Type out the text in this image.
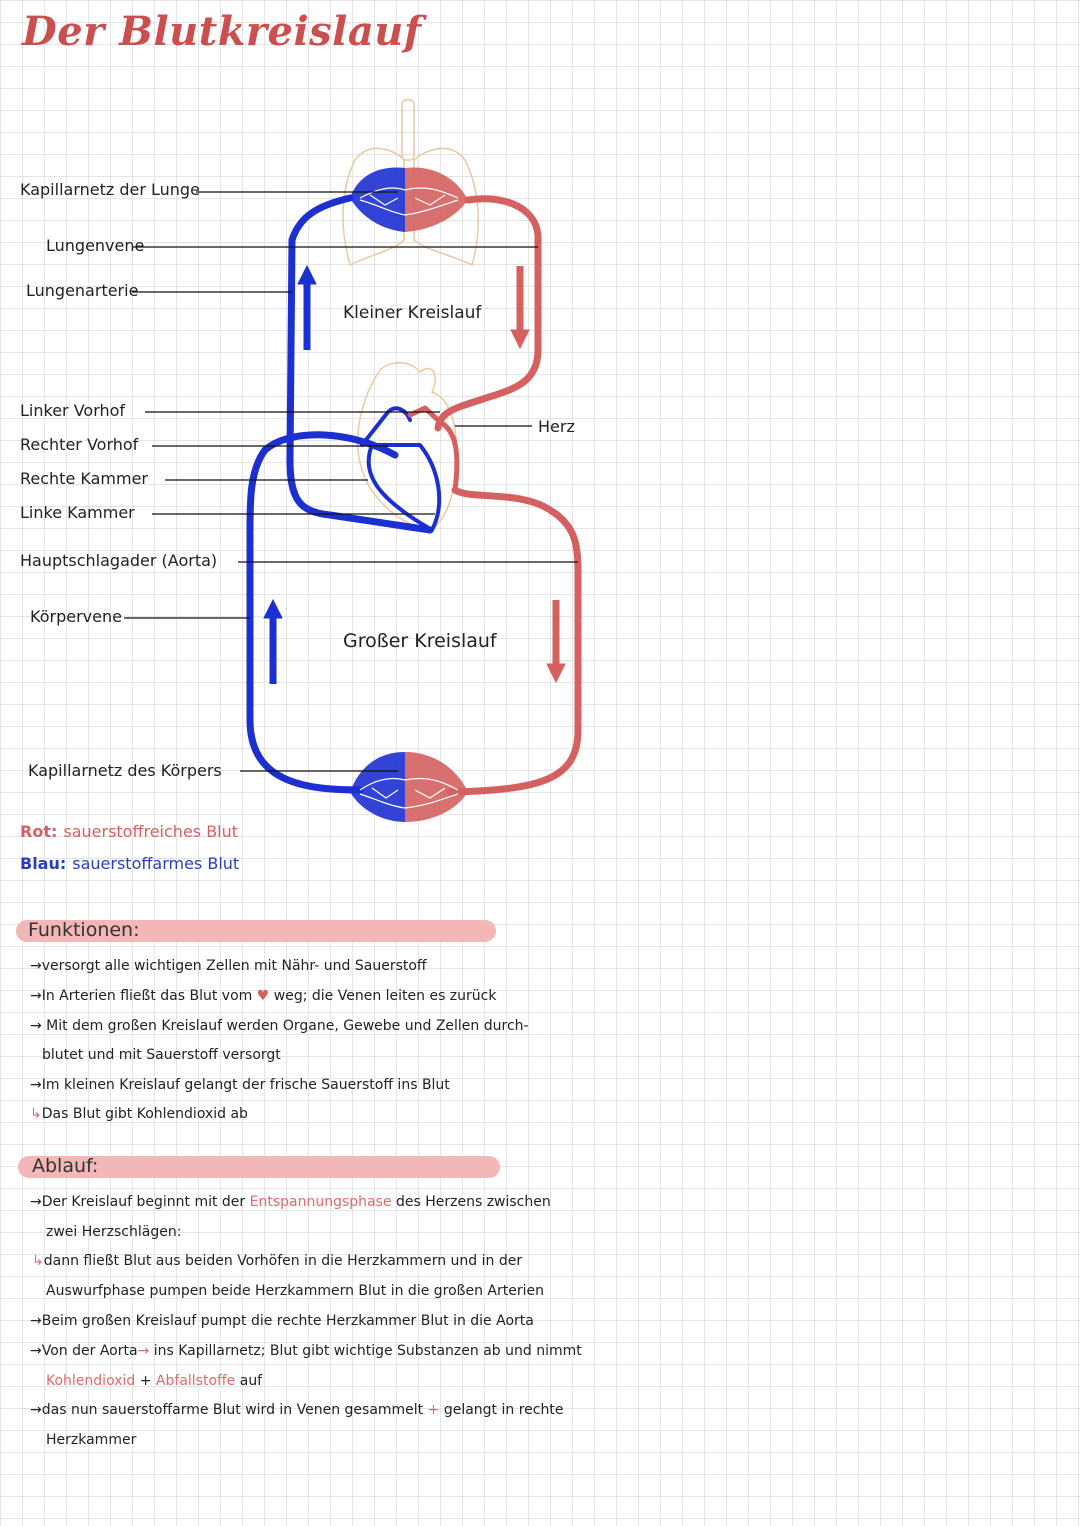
Der Blutkreislauf
Kapillarnetz der Lunge
Lungenvene
Lungenarterie
Linker Vorhof
Rechter Vorhof
Rechte Kammer
Linke Kammer
Hauptschlagader (Aorta)
Körpervene
Kapillarnetz des Körpers
Herz
Kleiner Kreislauf
Großer Kreislauf
Rot: sauerstoffreiches Blut
Blau: sauerstoffarmes Blut
Funktionen:
→versorgt alle wichtigen Zellen mit Nähr- und Sauerstoff
→In Arterien fließt das Blut vom ♥ weg; die Venen leiten es zurück
→ Mit dem großen Kreislauf werden Organe, Gewebe und Zellen durch-
blutet und mit Sauerstoff versorgt
→Im kleinen Kreislauf gelangt der frische Sauerstoff ins Blut
↳Das Blut gibt Kohlendioxid ab
Ablauf:
→Der Kreislauf beginnt mit der Entspannungsphase des Herzens zwischen
zwei Herzschlägen:
↳dann fließt Blut aus beiden Vorhöfen in die Herzkammern und in der
Auswurfphase pumpen beide Herzkammern Blut in die großen Arterien
→Beim großen Kreislauf pumpt die rechte Herzkammer Blut in die Aorta
→Von der Aorta→ ins Kapillarnetz; Blut gibt wichtige Substanzen ab und nimmt
Kohlendioxid + Abfallstoffe auf
→das nun sauerstoffarme Blut wird in Venen gesammelt + gelangt in rechte
Herzkammer
